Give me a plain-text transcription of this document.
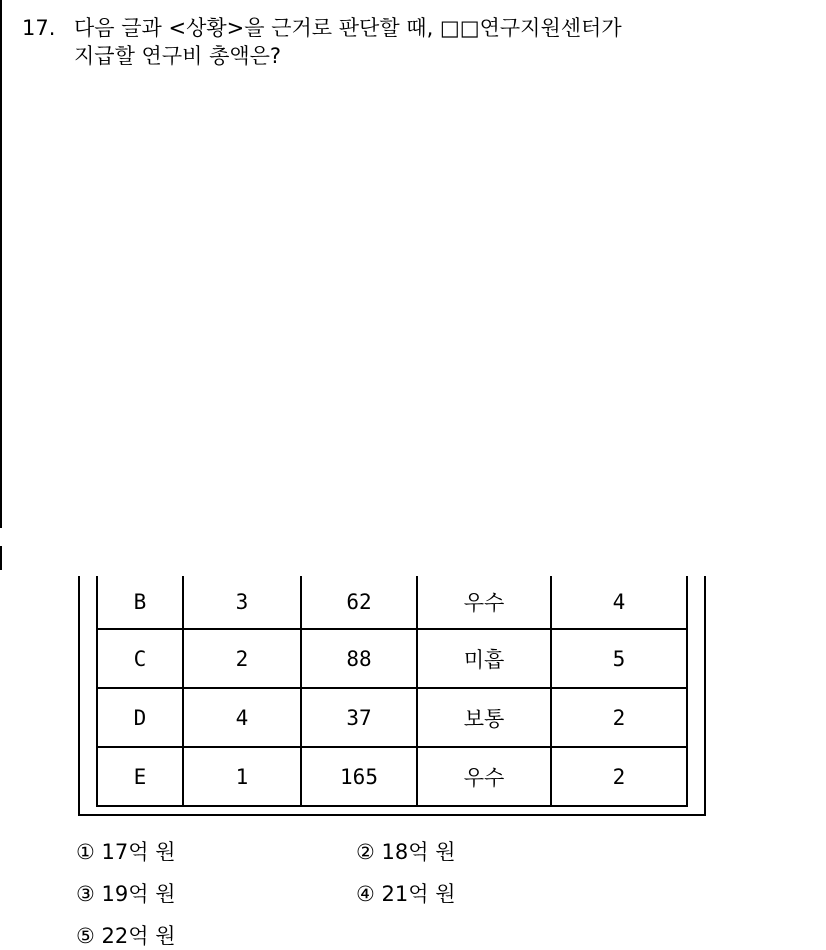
17. 다음 글과 <상황>을 근거로 판단할 때, □□연구지원센터가
지급할 연구비 총액은?
B	3	62	우수	4
C	2	88	미흡	5
D	4	37	보통	2
E	1	165	우수	2
① 17억 원	② 18억 원
③ 19억 원	④ 21억 원
⑤ 22억 원
